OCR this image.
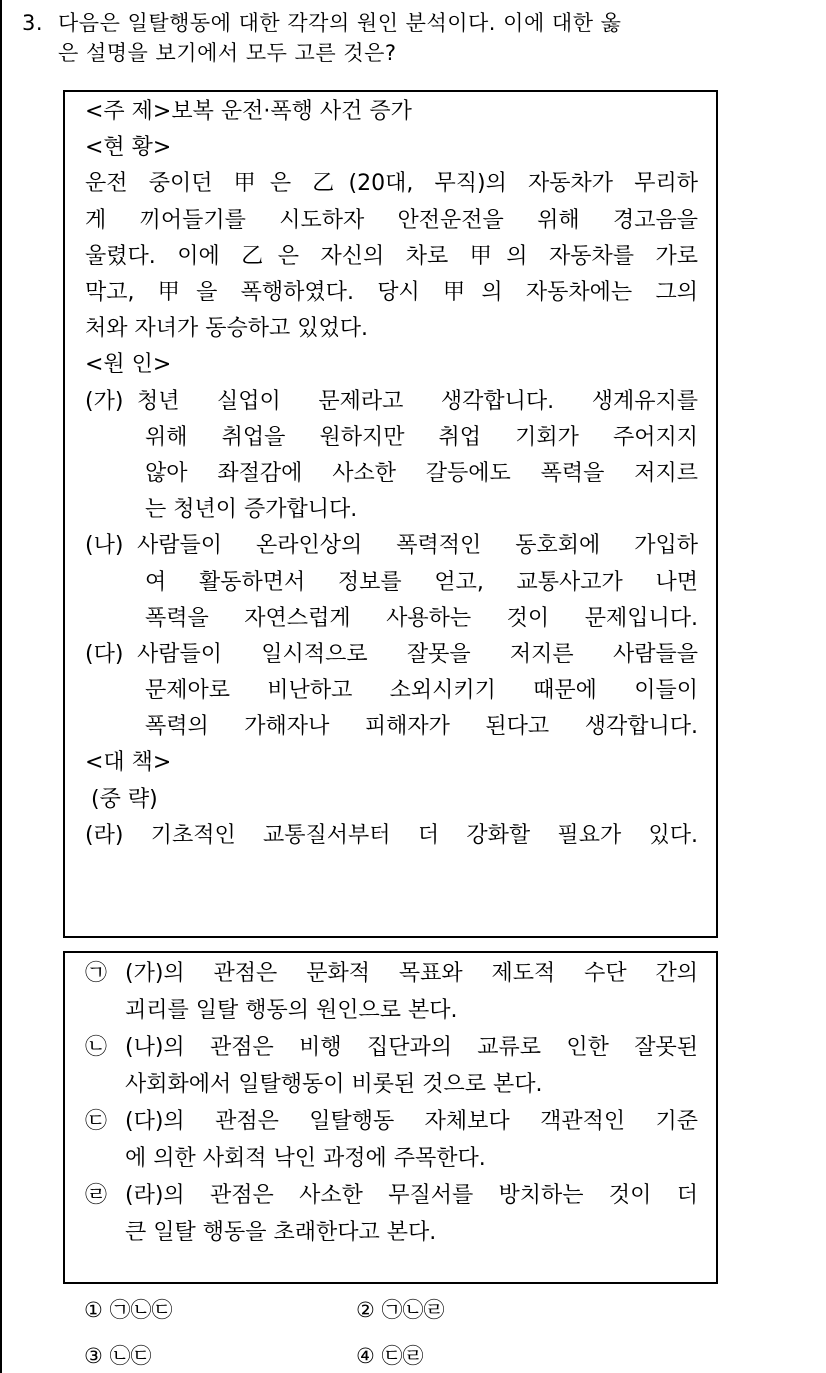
3. 다음은 일탈행동에 대한 각각의 원인 분석이다. 이에 대한 옳
은 설명을 보기에서 모두 고른 것은?
<주 제>보복 운전·폭행 사건 증가
<현 황>
운전 중이던 甲은 乙(20대, 무직)의 자동차가 무리하
게 끼어들기를 시도하자 안전운전을 위해 경고음을
울렸다. 이에 乙은 자신의 차로 甲의 자동차를 가로
막고, 甲을 폭행하였다. 당시 甲의 자동차에는 그의
처와 자녀가 동승하고 있었다.
<원 인>
(가) 청년 실업이 문제라고 생각합니다. 생계유지를
위해 취업을 원하지만 취업 기회가 주어지지
않아 좌절감에 사소한 갈등에도 폭력을 저지르
는 청년이 증가합니다.
(나) 사람들이 온라인상의 폭력적인 동호회에 가입하
여 활동하면서 정보를 얻고, 교통사고가 나면
폭력을 자연스럽게 사용하는 것이 문제입니다.
(다) 사람들이 일시적으로 잘못을 저지른 사람들을
문제아로 비난하고 소외시키기 때문에 이들이
폭력의 가해자나 피해자가 된다고 생각합니다.
<대 책>
(중 략)
(라) 기초적인 교통질서부터 더 강화할 필요가 있다.
㉠ (가)의 관점은 문화적 목표와 제도적 수단 간의
괴리를 일탈 행동의 원인으로 본다.
㉡ (나)의 관점은 비행 집단과의 교류로 인한 잘못된
사회화에서 일탈행동이 비롯된 것으로 본다.
㉢ (다)의 관점은 일탈행동 자체보다 객관적인 기준
에 의한 사회적 낙인 과정에 주목한다.
㉣ (라)의 관점은 사소한 무질서를 방치하는 것이 더
큰 일탈 행동을 초래한다고 본다.
① ㉠㉡㉢	② ㉠㉡㉣
③ ㉡㉢	④ ㉢㉣
